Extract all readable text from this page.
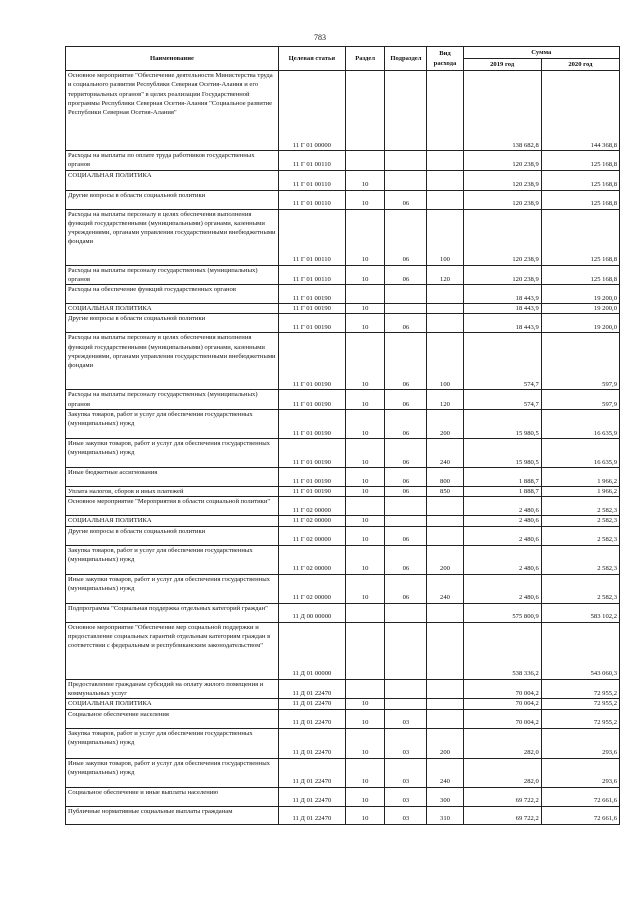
783
Наименование	Целевая статья	Раздел	Подраздел	Вид расхода	Сумма	
					2019 год	2020 год
Основное мероприятие "Обеспечение деятельности Министерства труда и социального развития Республики Северная Осетия-Алания и его территориальных органов" в целях реализации Государственной программы Республики Северная Осетия-Алания "Социальное развитие Республики Северная Осетия-Алания"	11 Г 01 00000				138 682,8	144 368,8
Расходы на выплаты по оплате труда работников государственных органов	11 Г 01 00110				120 238,9	125 168,8
СОЦИАЛЬНАЯ ПОЛИТИКА	11 Г 01 00110	10			120 238,9	125 168,8
Другие вопросы в области социальной политики	11 Г 01 00110	10	06		120 238,9	125 168,8
Расходы на выплаты персоналу в целях обеспечения выполнения функций государственными (муниципальными) органами, казенными учреждениями, органами управления государственными внебюджетными фондами	11 Г 01 00110	10	06	100	120 238,9	125 168,8
Расходы на выплаты персоналу государственных (муниципальных) органов	11 Г 01 00110	10	06	120	120 238,9	125 168,8
Расходы на обеспечение функций государственных органов	11 Г 01 00190				18 443,9	19 200,0
СОЦИАЛЬНАЯ ПОЛИТИКА	11 Г 01 00190	10			18 443,9	19 200,0
Другие вопросы в области социальной политики	11 Г 01 00190	10	06		18 443,9	19 200,0
Расходы на выплаты персоналу в целях обеспечения выполнения функций государственными (муниципальными) органами, казенными учреждениями, органами управления государственными внебюджетными фондами	11 Г 01 00190	10	06	100	574,7	597,9
Расходы на выплаты персоналу государственных (муниципальных) органов	11 Г 01 00190	10	06	120	574,7	597,9
Закупка товаров, работ и услуг для обеспечения государственных (муниципальных) нужд	11 Г 01 00190	10	06	200	15 980,5	16 635,9
Иные закупки товаров, работ и услуг для обеспечения государственных (муниципальных) нужд	11 Г 01 00190	10	06	240	15 980,5	16 635,9
Иные бюджетные ассигнования	11 Г 01 00190	10	06	800	1 888,7	1 966,2
Уплата налогов, сборов и иных платежей	11 Г 01 00190	10	06	850	1 888,7	1 966,2
Основное мероприятие "Мероприятия в области социальной политики"	11 Г 02 00000				2 480,6	2 582,3
СОЦИАЛЬНАЯ ПОЛИТИКА	11 Г 02 00000	10			2 480,6	2 582,3
Другие вопросы в области социальной политики	11 Г 02 00000	10	06		2 480,6	2 582,3
Закупка товаров, работ и услуг для обеспечения государственных (муниципальных) нужд	11 Г 02 00000	10	06	200	2 480,6	2 582,3
Иные закупки товаров, работ и услуг для обеспечения государственных (муниципальных) нужд	11 Г 02 00000	10	06	240	2 480,6	2 582,3
Подпрограмма "Социальная поддержка отдельных категорий граждан"	11 Д 00 00000				575 800,9	583 102,2
Основное мероприятие "Обеспечение мер социальной поддержки и предоставление социальных гарантий отдельным категориям граждан в соответствии с федеральным и республиканским законодательством"	11 Д 01 00000				538 336,2	543 060,3
Предоставление гражданам субсидий на оплату жилого помещения и коммунальных услуг	11 Д 01 22470				70 004,2	72 955,2
СОЦИАЛЬНАЯ ПОЛИТИКА	11 Д 01 22470	10			70 004,2	72 955,2
Социальное обеспечение населения	11 Д 01 22470	10	03		70 004,2	72 955,2
Закупка товаров, работ и услуг для обеспечения государственных (муниципальных) нужд	11 Д 01 22470	10	03	200	282,0	293,6
Иные закупки товаров, работ и услуг для обеспечения государственных (муниципальных) нужд	11 Д 01 22470	10	03	240	282,0	293,6
Социальное обеспечение и иные выплаты населению	11 Д 01 22470	10	03	300	69 722,2	72 661,6
Публичные нормативные социальные выплаты гражданам	11 Д 01 22470	10	03	310	69 722,2	72 661,6
